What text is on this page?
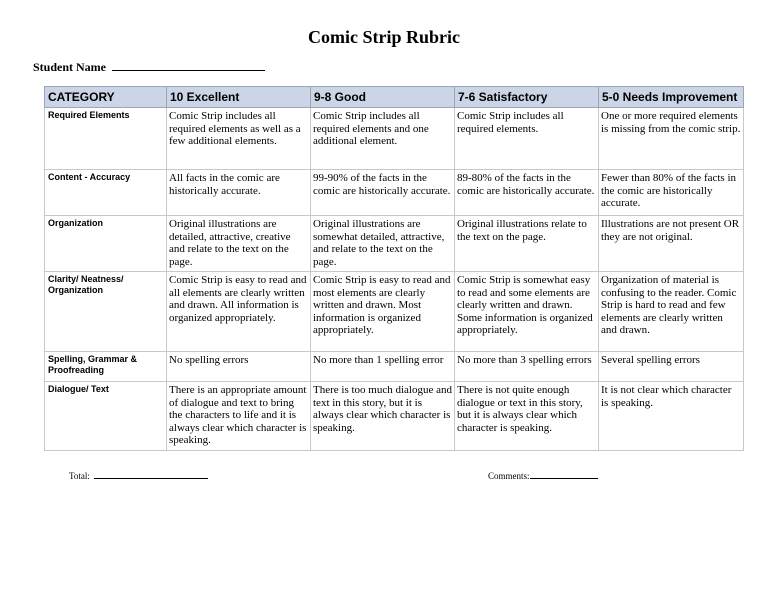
Comic Strip Rubric
Student Name
CATEGORY	10 Excellent	9-8 Good	7-6 Satisfactory	5-0 Needs Improvement
Required Elements	Comic Strip includes all required elements as well as a few additional elements.	Comic Strip includes all required elements and one additional element.	Comic Strip includes all required elements.	One or more required elements is missing from the comic strip.
Content - Accuracy	All facts in the comic are historically accurate.	99-90% of the facts in the comic are historically accurate.	89-80% of the facts in the comic are historically accurate.	Fewer than 80% of the facts in the comic are historically accurate.
Organization	Original illustrations are detailed, attractive, creative and relate to the text on the page.	Original illustrations are somewhat detailed, attractive, and relate to the text on the page.	Original illustrations relate to the text on the page.	Illustrations are not present OR they are not original.
Clarity/ Neatness/ Organization	Comic Strip is easy to read and all elements are clearly written and drawn. All information is organized appropriately.	Comic Strip is easy to read and most elements are clearly written and drawn. Most information is organized appropriately.	Comic Strip is somewhat easy to read and some elements are clearly written and drawn. Some information is organized appropriately.	Organization of material is confusing to the reader. Comic Strip is hard to read and few elements are clearly written and drawn.
Spelling, Grammar & Proofreading	No spelling errors	No more than 1 spelling error	No more than 3 spelling errors	Several spelling errors
Dialogue/ Text	There is an appropriate amount of dialogue and text to bring the characters to life and it is always clear which character is speaking.	There is too much dialogue and text in this story, but it is always clear which character is speaking.	There is not quite enough dialogue or text in this story, but it is always clear which character is speaking.	It is not clear which character is speaking.
Total:	Comments:
